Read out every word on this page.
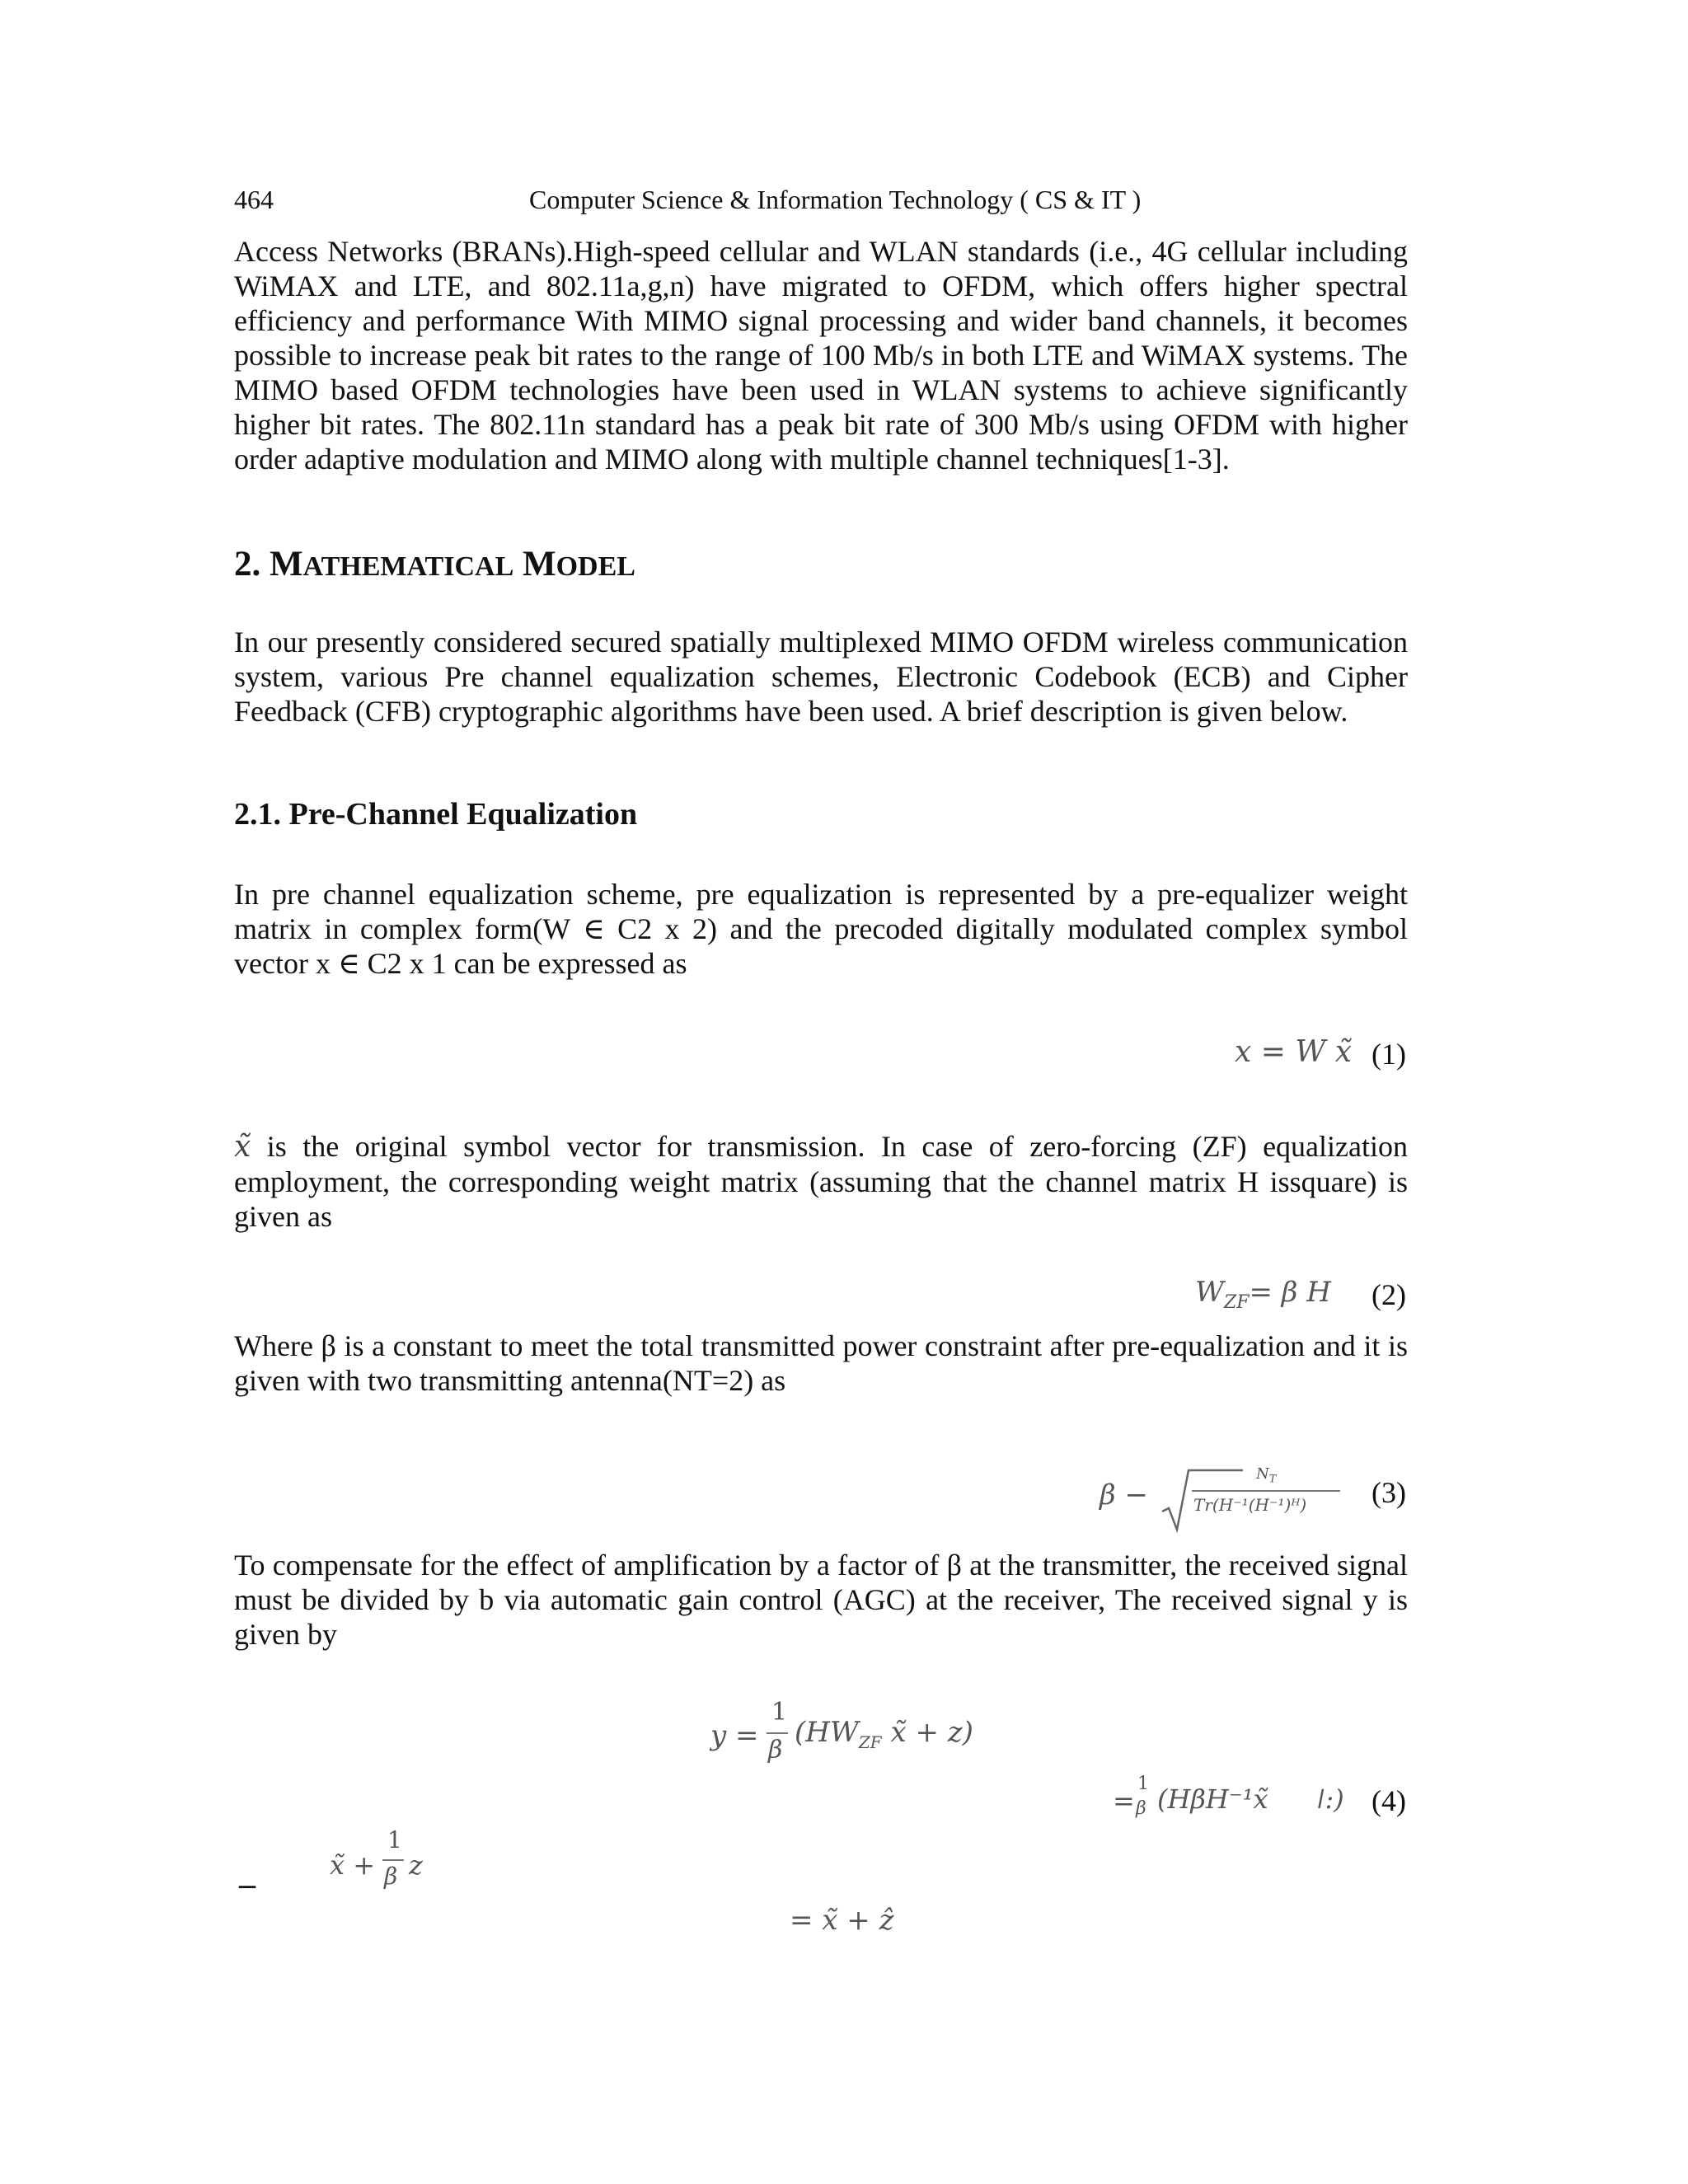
464	Computer Science & Information Technology ( CS & IT )
Access Networks (BRANs).High-speed cellular and WLAN standards (i.e., 4G cellular including WiMAX and LTE, and 802.11a,g,n) have migrated to OFDM, which offers higher spectral efficiency and performance With MIMO signal processing and wider band channels, it becomes possible to increase peak bit rates to the range of 100 Mb/s in both LTE and WiMAX systems. The MIMO based OFDM technologies have been used in WLAN systems to achieve significantly higher bit rates. The 802.11n standard has a peak bit rate of 300 Mb/s using OFDM with higher order adaptive modulation and MIMO along with multiple channel techniques[1-3].
2. MATHEMATICAL MODEL
In our presently considered secured spatially multiplexed MIMO OFDM wireless communication system, various Pre channel equalization schemes, Electronic Codebook (ECB) and Cipher Feedback (CFB) cryptographic algorithms have been used. A brief description is given below.
2.1. Pre-Channel Equalization
In pre channel equalization scheme, pre equalization is represented by a pre-equalizer weight matrix in complex form(W ∈ C2 x 2) and the precoded digitally modulated complex symbol vector x ∈ C2 x 1 can be expressed as
x = W x̃ (1)
x̃ is the original symbol vector for transmission. In case of zero-forcing (ZF) equalization employment, the corresponding weight matrix (assuming that the channel matrix H issquare) is given as
$W_{ZF}= \beta$ H (2)
Where β is a constant to meet the total transmitted power constraint after pre-equalization and it is given with two transmitting antenna(NT=2) as
β −
$N_T$
Tr(H⁻¹(H⁻¹)ᴴ) (3)
To compensate for the effect of amplification by a factor of β at the transmitter, the received signal must be divided by b via automatic gain control (AGC) at the receiver, The received signal y is given by
y =
1
β
($HW_{ZF}$ x̃ + z)
=
1
β (HβH⁻¹x̃ ǀ:) (4)
–	x̃ +
1
β z
= x̃ + ẑ
